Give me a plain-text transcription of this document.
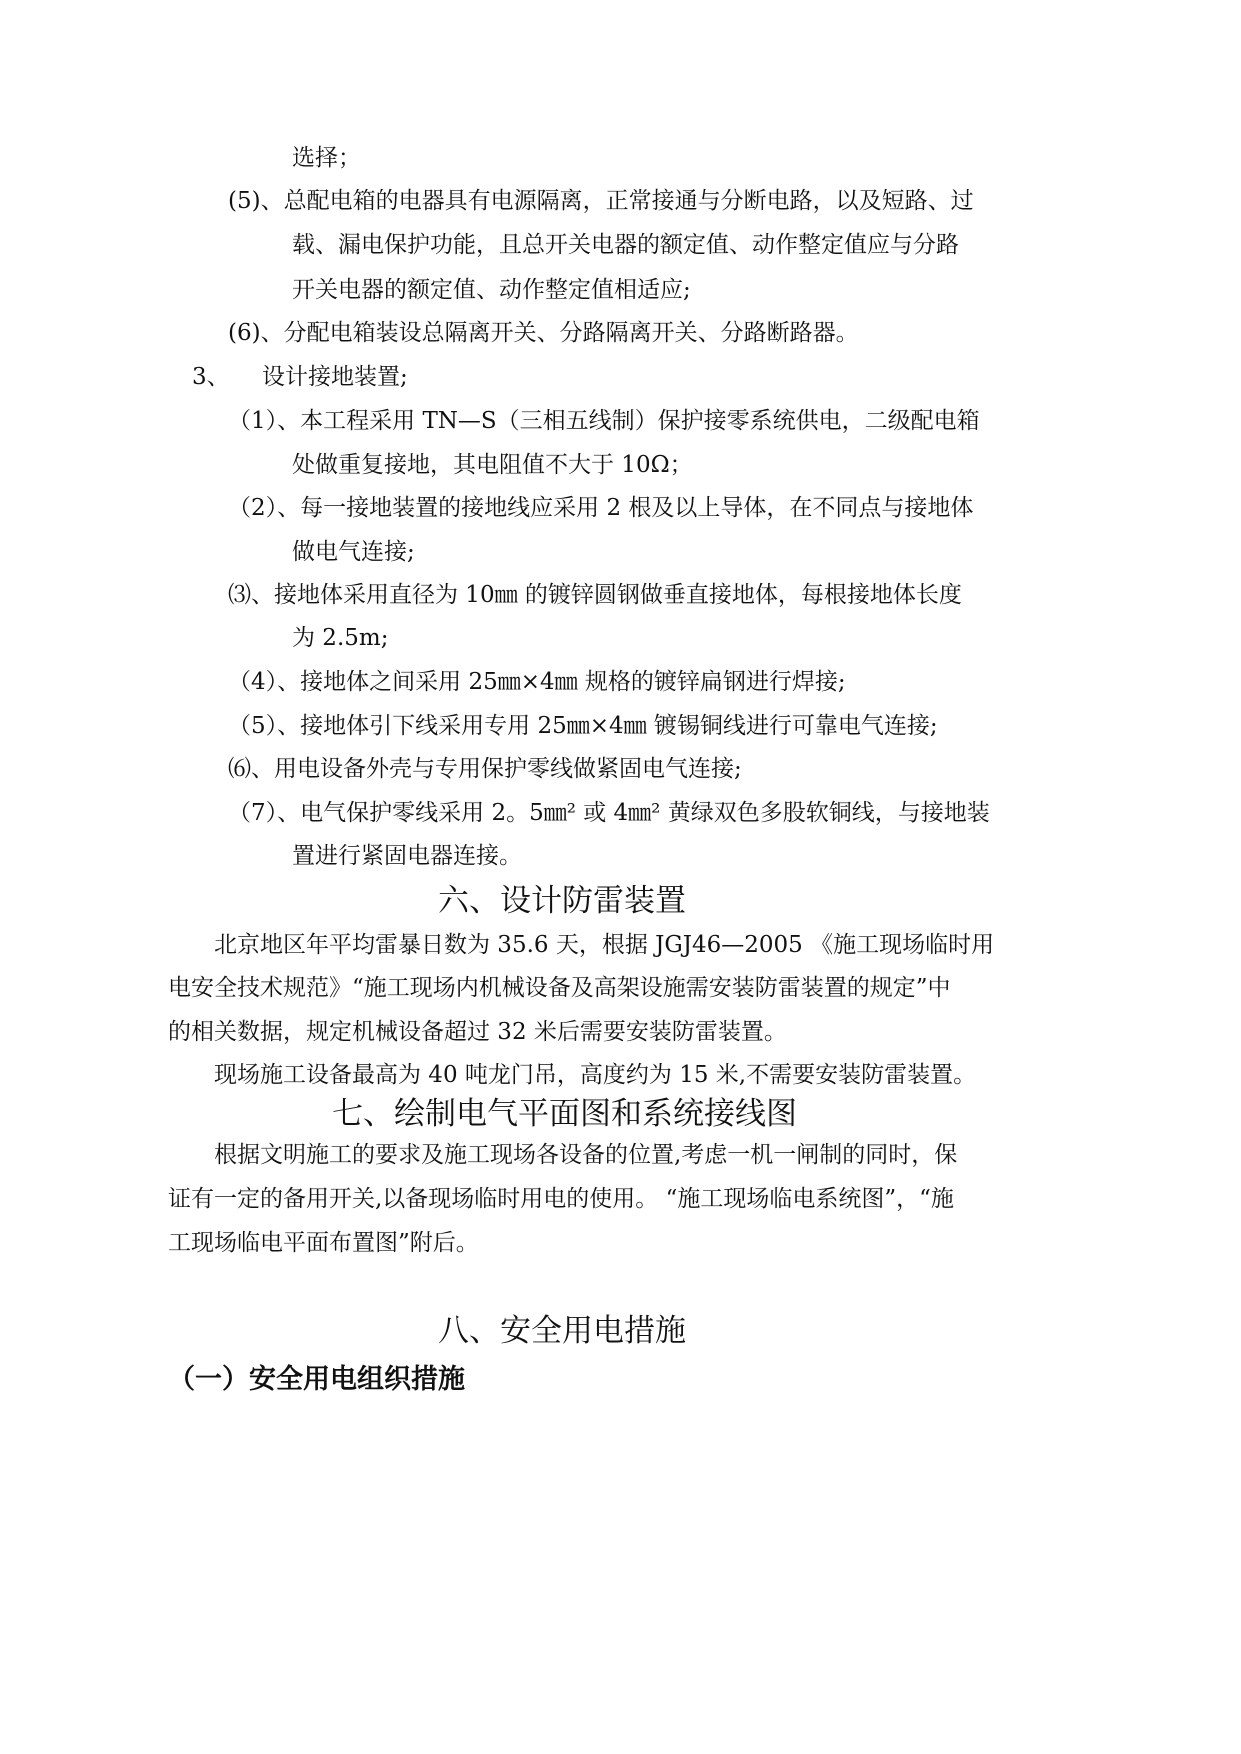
选择；
(5)、总配电箱的电器具有电源隔离，正常接通与分断电路，以及短路、过
载、漏电保护功能，且总开关电器的额定值、动作整定值应与分路
开关电器的额定值、动作整定值相适应;
(6)、分配电箱装设总隔离开关、分路隔离开关、分路断路器。
3、 设计接地装置;
（1）、本工程采用 TN—S（三相五线制）保护接零系统供电，二级配电箱
处做重复接地，其电阻值不大于 10Ω；
（2）、每一接地装置的接地线应采用 2 根及以上导体，在不同点与接地体
做电气连接;
⑶、接地体采用直径为 10㎜ 的镀锌圆钢做垂直接地体，每根接地体长度
为 2.5m;
（4）、接地体之间采用 25㎜×4㎜ 规格的镀锌扁钢进行焊接;
（5）、接地体引下线采用专用 25㎜×4㎜ 镀锡铜线进行可靠电气连接;
⑹、用电设备外壳与专用保护零线做紧固电气连接;
（7）、电气保护零线采用 2。5㎜² 或 4㎜² 黄绿双色多股软铜线，与接地装
置进行紧固电器连接。
六、设计防雷装置
北京地区年平均雷暴日数为 35.6 天，根据 JGJ46—2005 《施工现场临时用
电安全技术规范》“施工现场内机械设备及高架设施需安装防雷装置的规定”中
的相关数据，规定机械设备超过 32 米后需要安装防雷装置。
现场施工设备最高为 40 吨龙门吊，高度约为 15 米,不需要安装防雷装置。
七、绘制电气平面图和系统接线图
根据文明施工的要求及施工现场各设备的位置,考虑一机一闸制的同时，保
证有一定的备用开关,以备现场临时用电的使用。 “施工现场临电系统图”，“施
工现场临电平面布置图”附后。
八、安全用电措施
（一）安全用电组织措施
